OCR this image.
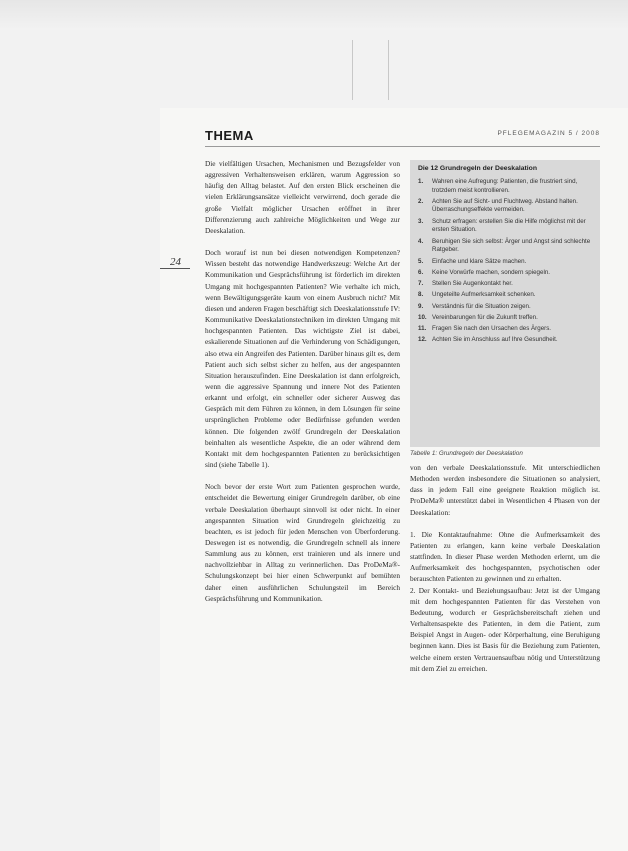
THEMA	PFLEGEMAGAZIN 5 / 2008
24

Die vielfältigen Ursachen, Mechanismen und Bezugsfelder von aggressiven Verhaltensweisen erklären, warum Aggression so häufig den Alltag belastet. Auf den ersten Blick erscheinen die vielen Erklärungsansätze vielleicht verwirrend, doch gerade die große Vielfalt möglicher Ursachen eröffnet in ihrer Differenzierung auch zahlreiche Möglichkeiten und Wege zur Deeskalation.

Doch worauf ist nun bei diesen notwendigen Kompetenzen? Wissen besteht das notwendige Handwerkszeug: Welche Art der Kommunikation und Gesprächsführung ist förderlich im direkten Umgang mit hochgespannten Patienten? Wie verhalte ich mich, wenn Bewältigungsgeräte kaum von einem Ausbruch nicht? Mit diesen und anderen Fragen beschäftigt sich Deeskalationsstufe IV: Kommunikative Deeskalationstechniken im direkten Umgang mit hochgespannten Patienten. Das wichtigste Ziel ist dabei, eskalierende Situationen auf die Verhinderung von Schädigungen, also etwa ein Angreifen des Patienten. Darüber hinaus gilt es, dem Patient auch sich selbst sicher zu helfen, aus der angespannten Situation herauszufinden. Eine Deeskalation ist dann erfolgreich, wenn die aggressive Spannung und innere Not des Patienten erkannt und erfolgt, ein schneller oder sicherer Ausweg das Gespräch mit dem Führen zu können, in dem Lösungen für seine ursprünglichen Probleme oder Bedürfnisse gefunden werden können. Die folgenden zwölf Grundregeln der Deeskalation beinhalten als wesentliche Aspekte, die an oder während dem Kontakt mit dem hochgespannten Patienten zu berücksichtigen sind (siehe Tabelle 1).

Noch bevor der erste Wort zum Patienten gesprochen wurde, entscheidet die Bewertung einiger Grundregeln darüber, ob eine verbale Deeskalation überhaupt sinnvoll ist oder nicht. In einer angespannten Situation wird Grundregeln gleichzeitig zu beachten, es ist jedoch für jeden Menschen von Überforderung. Deswegen ist es notwendig, die Grundregeln schnell als innere Sammlung aus zu können, erst trainieren und als innere und nachvollziehbar in Alltag zu verinnerlichen. Das ProDeMa®-Schulungskonzept bei hier einen Schwerpunkt auf bemühten daher einen ausführlichen Schulungsteil im Bereich Gesprächsführung und Kommunikation.

Die 12 Grundregeln der Deeskalation
1. Wahren eine Aufregung: Patienten, die frustriert sind, trotzdem meist kontrollieren.
2. Achten Sie auf Sicht- und Fluchtweg. Abstand halten. Überraschungseffekte vermeiden.
3. Schutz erfragen: erstellen Sie die Hilfe möglichst mit der ersten Situation.
4. Beruhigen Sie sich selbst: Ärger und Angst sind schlechte Ratgeber.
5. Einfache und klare Sätze machen.
6. Keine Vorwürfe machen, sondern spiegeln.
7. Stellen Sie Augenkontakt her.
8. Ungeteilte Aufmerksamkeit schenken.
9. Verständnis für die Situation zeigen.
10. Vereinbarungen für die Zukunft treffen.
11. Fragen Sie nach den Ursachen des Ärgers.
12. Achten Sie im Anschluss auf Ihre Gesundheit.
Tabelle 1: Grundregeln der Deeskalation

von den verbale Deeskalationsstufe. Mit unterschiedlichen Methoden werden insbesondere die Situationen so analysiert, dass in jedem Fall eine geeignete Reaktion möglich ist. ProDeMa® unterstützt dabei in Wesentlichen 4 Phasen von der Deeskalation:

1. Die Kontaktaufnahme: Ohne die Aufmerksamkeit des Patienten zu erlangen, kann keine verbale Deeskalation stattfinden. In dieser Phase werden Methoden erlernt, um die Aufmerksamkeit des hochgespannten, psychotischen oder berauschten Patienten zu gewinnen und zu erhalten.

2. Der Kontakt- und Beziehungsaufbau: Jetzt ist der Umgang mit dem hochgespannten Patienten für das Verstehen von Bedeutung, wodurch er Gesprächsbereitschaft ziehen und Verhaltensaspekte des Patienten, in dem die Patient, zum Beispiel Angst in Augen- oder Körperhaltung, eine Beruhigung beginnen kann. Dies ist Basis für die Beziehung zum Patienten, welche einem ersten Vertrauensaufbau nötig und Unterstützung mit dem Ziel zu erreichen.
